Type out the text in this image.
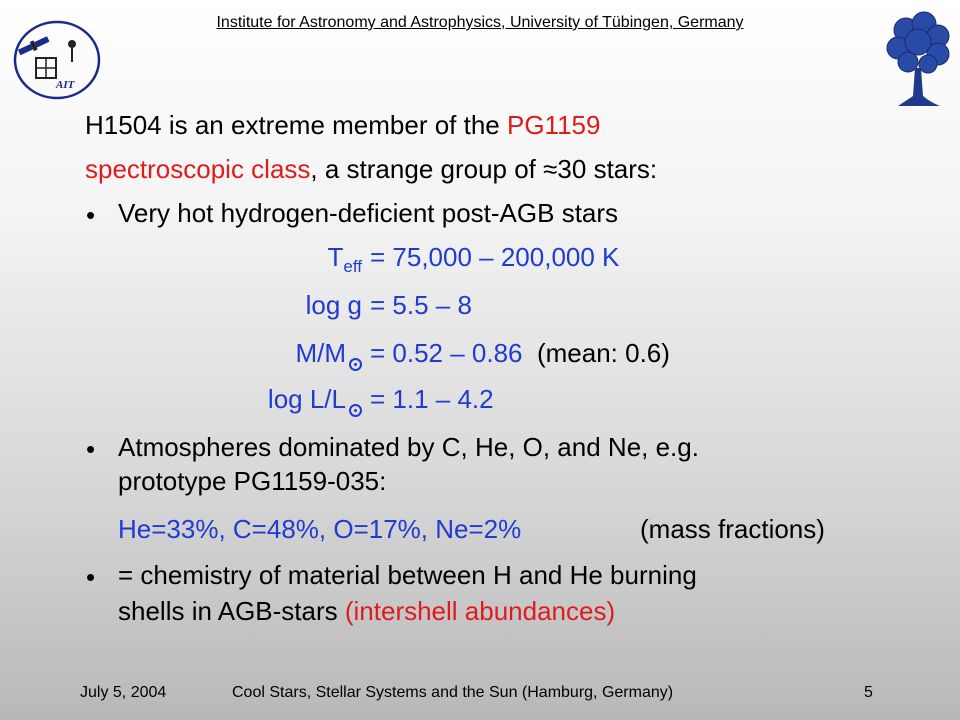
Institute for Astronomy and Astrophysics, University of Tübingen, Germany
AIT
H1504 is an extreme member of the PG1159
spectroscopic class, a strange group of ≈30 stars:
• Very hot hydrogen-deficient post-AGB stars
$T_{eff} = 75,000 - 200,000$ K
log g = 5.5 – 8
M/M = 0.52 – 0.86 (mean: 0.6)
log L/L = 1.1 – 4.2
• Atmospheres dominated by C, He, O, and Ne, e.g.
prototype PG1159-035:
He=33%, C=48%, O=17%, Ne=2%	(mass fractions)
• = chemistry of material between H and He burning
shells in AGB-stars (intershell abundances)
July 5, 2004	Cool Stars, Stellar Systems and the Sun (Hamburg, Germany)	5
